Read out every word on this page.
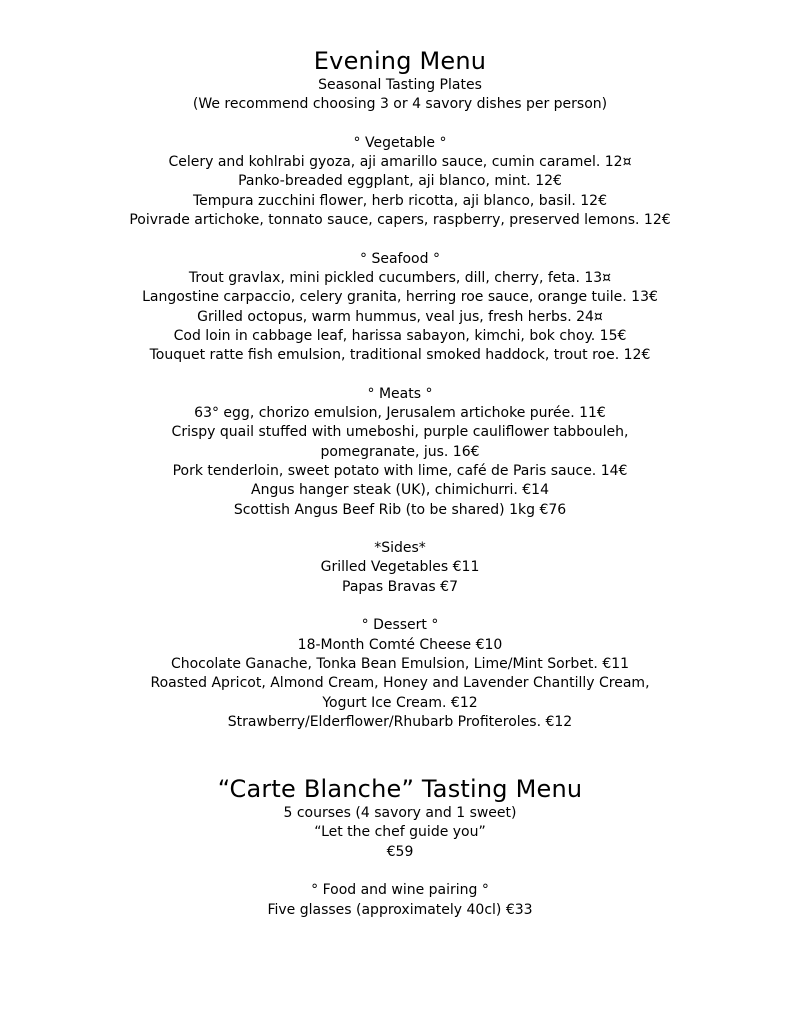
Evening Menu

Seasonal Tasting Plates

(We recommend choosing 3 or 4 savory dishes per person)

° Vegetable °

Celery and kohlrabi gyoza, aji amarillo sauce, cumin caramel. 12¤

Panko-breaded eggplant, aji blanco, mint. 12€

Tempura zucchini flower, herb ricotta, aji blanco, basil. 12€

Poivrade artichoke, tonnato sauce, capers, raspberry, preserved lemons. 12€

° Seafood °

Trout gravlax, mini pickled cucumbers, dill, cherry, feta. 13¤

Langostine carpaccio, celery granita, herring roe sauce, orange tuile. 13€

Grilled octopus, warm hummus, veal jus, fresh herbs. 24¤

Cod loin in cabbage leaf, harissa sabayon, kimchi, bok choy. 15€

Touquet ratte fish emulsion, traditional smoked haddock, trout roe. 12€

° Meats °

63° egg, chorizo emulsion, Jerusalem artichoke purée. 11€

Crispy quail stuffed with umeboshi, purple cauliflower tabbouleh,

pomegranate, jus. 16€

Pork tenderloin, sweet potato with lime, café de Paris sauce. 14€

Angus hanger steak (UK), chimichurri. €14

Scottish Angus Beef Rib (to be shared) 1kg €76

*Sides*

Grilled Vegetables €11

Papas Bravas €7

° Dessert °

18-Month Comté Cheese €10

Chocolate Ganache, Tonka Bean Emulsion, Lime/Mint Sorbet. €11

Roasted Apricot, Almond Cream, Honey and Lavender Chantilly Cream,

Yogurt Ice Cream. €12

Strawberry/Elderflower/Rhubarb Profiteroles. €12

“Carte Blanche” Tasting Menu

5 courses (4 savory and 1 sweet)

“Let the chef guide you”

€59

° Food and wine pairing °

Five glasses (approximately 40cl) €33
